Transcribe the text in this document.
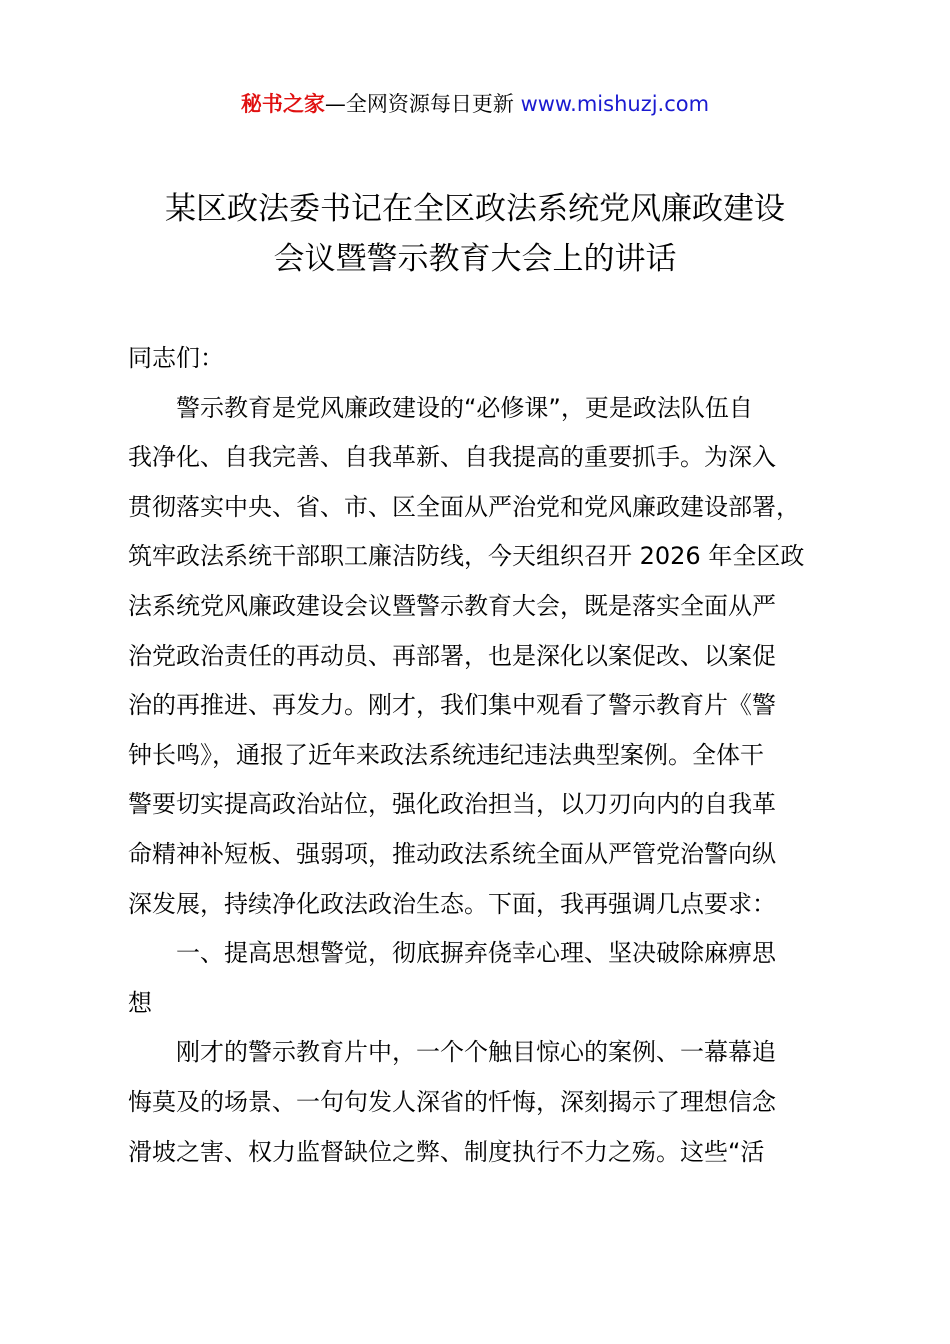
秘书之家—全网资源每日更新 www.mishuzj.com
某区政法委书记在全区政法系统党风廉政建设
会议暨警示教育大会上的讲话
同志们：
警示教育是党风廉政建设的“必修课”，更是政法队伍自
我净化、自我完善、自我革新、自我提高的重要抓手。为深入
贯彻落实中央、省、市、区全面从严治党和党风廉政建设部署，
筑牢政法系统干部职工廉洁防线，今天组织召开 2026 年全区政
法系统党风廉政建设会议暨警示教育大会，既是落实全面从严
治党政治责任的再动员、再部署，也是深化以案促改、以案促
治的再推进、再发力。刚才，我们集中观看了警示教育片《警
钟长鸣》，通报了近年来政法系统违纪违法典型案例。全体干
警要切实提高政治站位，强化政治担当，以刀刃向内的自我革
命精神补短板、强弱项，推动政法系统全面从严管党治警向纵
深发展，持续净化政法政治生态。下面，我再强调几点要求：
一、提高思想警觉，彻底摒弃侥幸心理、坚决破除麻痹思
想
刚才的警示教育片中，一个个触目惊心的案例、一幕幕追
悔莫及的场景、一句句发人深省的忏悔，深刻揭示了理想信念
滑坡之害、权力监督缺位之弊、制度执行不力之殇。这些“活
